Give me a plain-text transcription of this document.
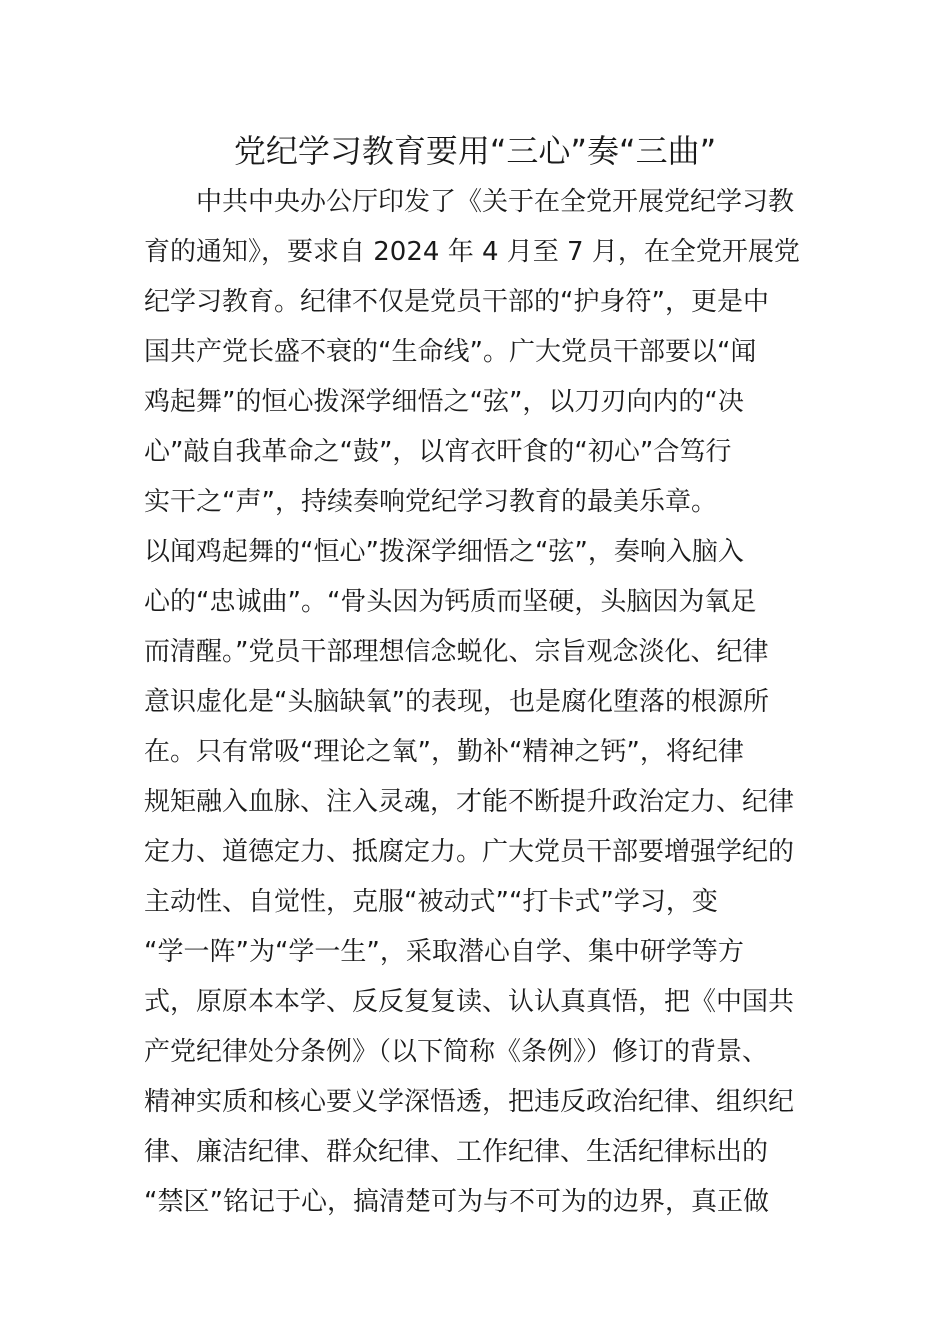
党纪学习教育要用“三心”奏“三曲”

　　中共中央办公厅印发了《关于在全党开展党纪学习教

育的通知》，要求自 2024 年 4 月至 7 月，在全党开展党

纪学习教育。纪律不仅是党员干部的“护身符”，更是中

国共产党长盛不衰的“生命线”。广大党员干部要以“闻

鸡起舞”的恒心拨深学细悟之“弦”，以刀刃向内的“决

心”敲自我革命之“鼓”，以宵衣旰食的“初心”合笃行

实干之“声”，持续奏响党纪学习教育的最美乐章。

以闻鸡起舞的“恒心”拨深学细悟之“弦”，奏响入脑入

心的“忠诚曲”。“骨头因为钙质而坚硬，头脑因为氧足

而清醒。”党员干部理想信念蜕化、宗旨观念淡化、纪律

意识虚化是“头脑缺氧”的表现，也是腐化堕落的根源所

在。只有常吸“理论之氧”，勤补“精神之钙”，将纪律

规矩融入血脉、注入灵魂，才能不断提升政治定力、纪律

定力、道德定力、抵腐定力。广大党员干部要增强学纪的

主动性、自觉性，克服“被动式”“打卡式”学习，变

“学一阵”为“学一生”，采取潜心自学、集中研学等方

式，原原本本学、反反复复读、认认真真悟，把《中国共

产党纪律处分条例》（以下简称《条例》）修订的背景、

精神实质和核心要义学深悟透，把违反政治纪律、组织纪

律、廉洁纪律、群众纪律、工作纪律、生活纪律标出的

“禁区”铭记于心，搞清楚可为与不可为的边界，真正做
